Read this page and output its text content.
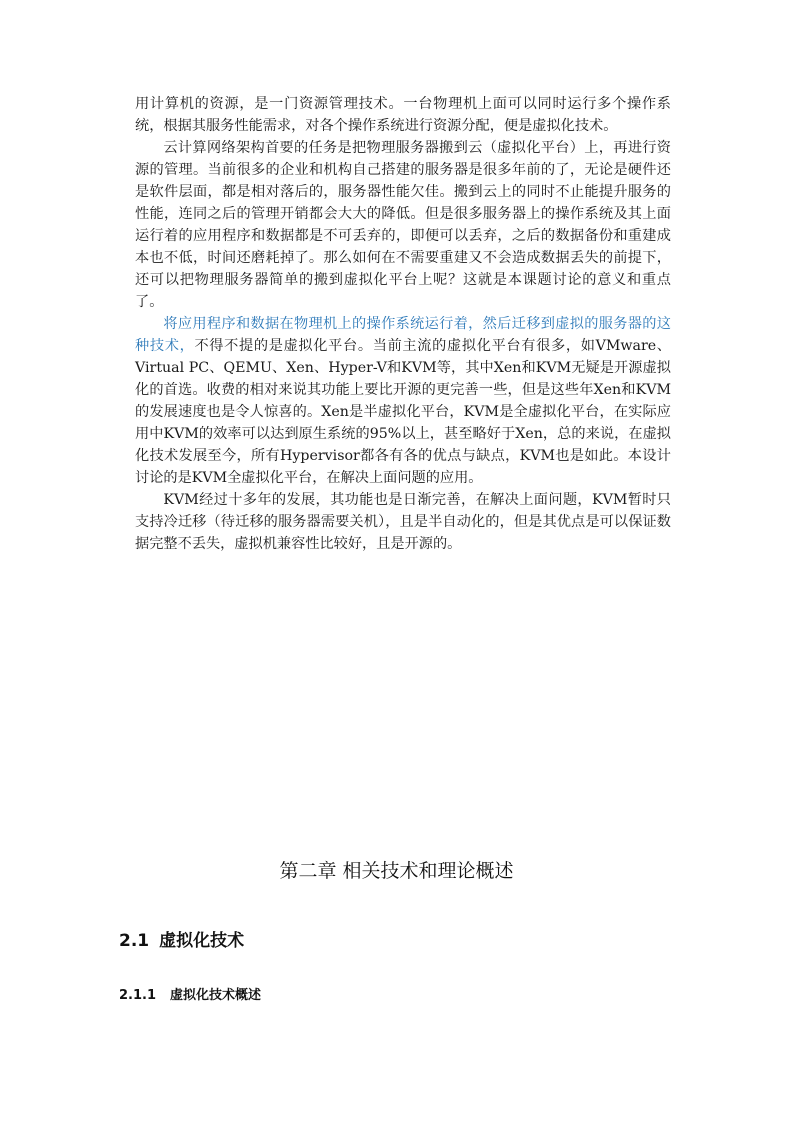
用计算机的资源，是一门资源管理技术。一台物理机上面可以同时运行多个操作系统，根据其服务性能需求，对各个操作系统进行资源分配，便是虚拟化技术。

云计算网络架构首要的任务是把物理服务器搬到云（虚拟化平台）上，再进行资源的管理。当前很多的企业和机构自己搭建的服务器是很多年前的了，无论是硬件还是软件层面，都是相对落后的，服务器性能欠佳。搬到云上的同时不止能提升服务的性能，连同之后的管理开销都会大大的降低。但是很多服务器上的操作系统及其上面运行着的应用程序和数据都是不可丢弃的，即便可以丢弃，之后的数据备份和重建成本也不低，时间还磨耗掉了。那么如何在不需要重建又不会造成数据丢失的前提下，还可以把物理服务器简单的搬到虚拟化平台上呢？这就是本课题讨论的意义和重点了。

将应用程序和数据在物理机上的操作系统运行着，然后迁移到虚拟的服务器的这种技术，不得不提的是虚拟化平台。当前主流的虚拟化平台有很多，如VMware、Virtual PC、QEMU、Xen、Hyper-V和KVM等，其中Xen和KVM无疑是开源虚拟化的首选。收费的相对来说其功能上要比开源的更完善一些，但是这些年Xen和KVM的发展速度也是令人惊喜的。Xen是半虚拟化平台，KVM是全虚拟化平台，在实际应用中KVM的效率可以达到原生系统的95%以上，甚至略好于Xen，总的来说，在虚拟化技术发展至今，所有Hypervisor都各有各的优点与缺点，KVM也是如此。本设计讨论的是KVM全虚拟化平台，在解决上面问题的应用。

KVM经过十多年的发展，其功能也是日渐完善，在解决上面问题，KVM暂时只支持冷迁移（待迁移的服务器需要关机），且是半自动化的，但是其优点是可以保证数据完整不丢失，虚拟机兼容性比较好，且是开源的。

第二章 相关技术和理论概述
2.1 虚拟化技术
2.1.1 虚拟化技术概述
